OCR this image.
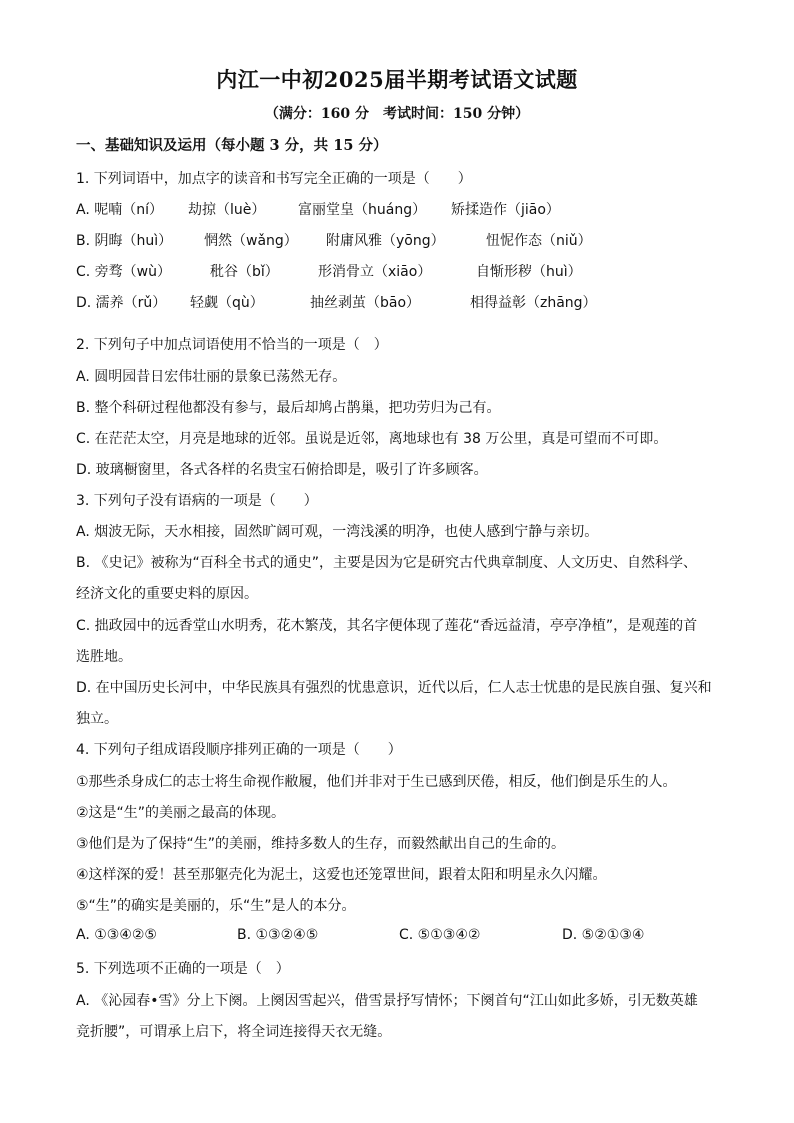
内江一中初2025届半期考试语文试题
（满分：160 分　考试时间：150 分钟）
一、基础知识及运用（每小题 3 分，共 15 分）
1. 下列词语中，加点字的读音和书写完全正确的一项是（　　）
A. 呢喃（ní） 劫掠（luè） 富丽堂皇（huáng） 矫揉造作（jiāo）
B. 阴晦（huì） 惘然（wǎng） 附庸风雅（yōng）	忸怩作态（niǔ）
C. 旁骛（wù）	秕谷（bǐ）	形消骨立（xiāo）	自惭形秽（huì）
D. 濡养（rǔ） 轻觑（qù）	抽丝剥茧（bāo）	相得益彰（zhāng）
2. 下列句子中加点词语使用不恰当的一项是（　）
A. 圆明园昔日宏伟壮丽的景象已荡然无存。
B. 整个科研过程他都没有参与，最后却鸠占鹊巢，把功劳归为己有。
C. 在茫茫太空，月亮是地球的近邻。虽说是近邻，离地球也有 38 万公里，真是可望而不可即。
D. 玻璃橱窗里，各式各样的名贵宝石俯拾即是，吸引了许多顾客。
3. 下列句子没有语病的一项是（　　）
A. 烟波无际，天水相接，固然旷阔可观，一湾浅溪的明净，也使人感到宁静与亲切。
B. 《史记》被称为“百科全书式的通史”，主要是因为它是研究古代典章制度、人文历史、自然科学、
经济文化的重要史料的原因。
C. 拙政园中的远香堂山水明秀，花木繁茂，其名字便体现了莲花“香远益清，亭亭净植”，是观莲的首
选胜地。
D. 在中国历史长河中，中华民族具有强烈的忧患意识，近代以后，仁人志士忧患的是民族自强、复兴和
独立。
4. 下列句子组成语段顺序排列正确的一项是（　　）
①那些杀身成仁的志士将生命视作敝履，他们并非对于生已感到厌倦，相反，他们倒是乐生的人。
②这是“生”的美丽之最高的体现。
③他们是为了保持“生”的美丽，维持多数人的生存，而毅然献出自己的生命的。
④这样深的爱！甚至那躯壳化为泥土，这爱也还笼罩世间，跟着太阳和明星永久闪耀。
⑤“生”的确实是美丽的，乐“生”是人的本分。
A. ①③④②⑤	B. ①③②④⑤	C. ⑤①③④②	D. ⑤②①③④
5. 下列选项不正确的一项是（　）
A. 《沁园春•雪》分上下阕。上阕因雪起兴，借雪景抒写情怀；下阕首句“江山如此多娇，引无数英雄
竞折腰”，可谓承上启下，将全词连接得天衣无缝。
